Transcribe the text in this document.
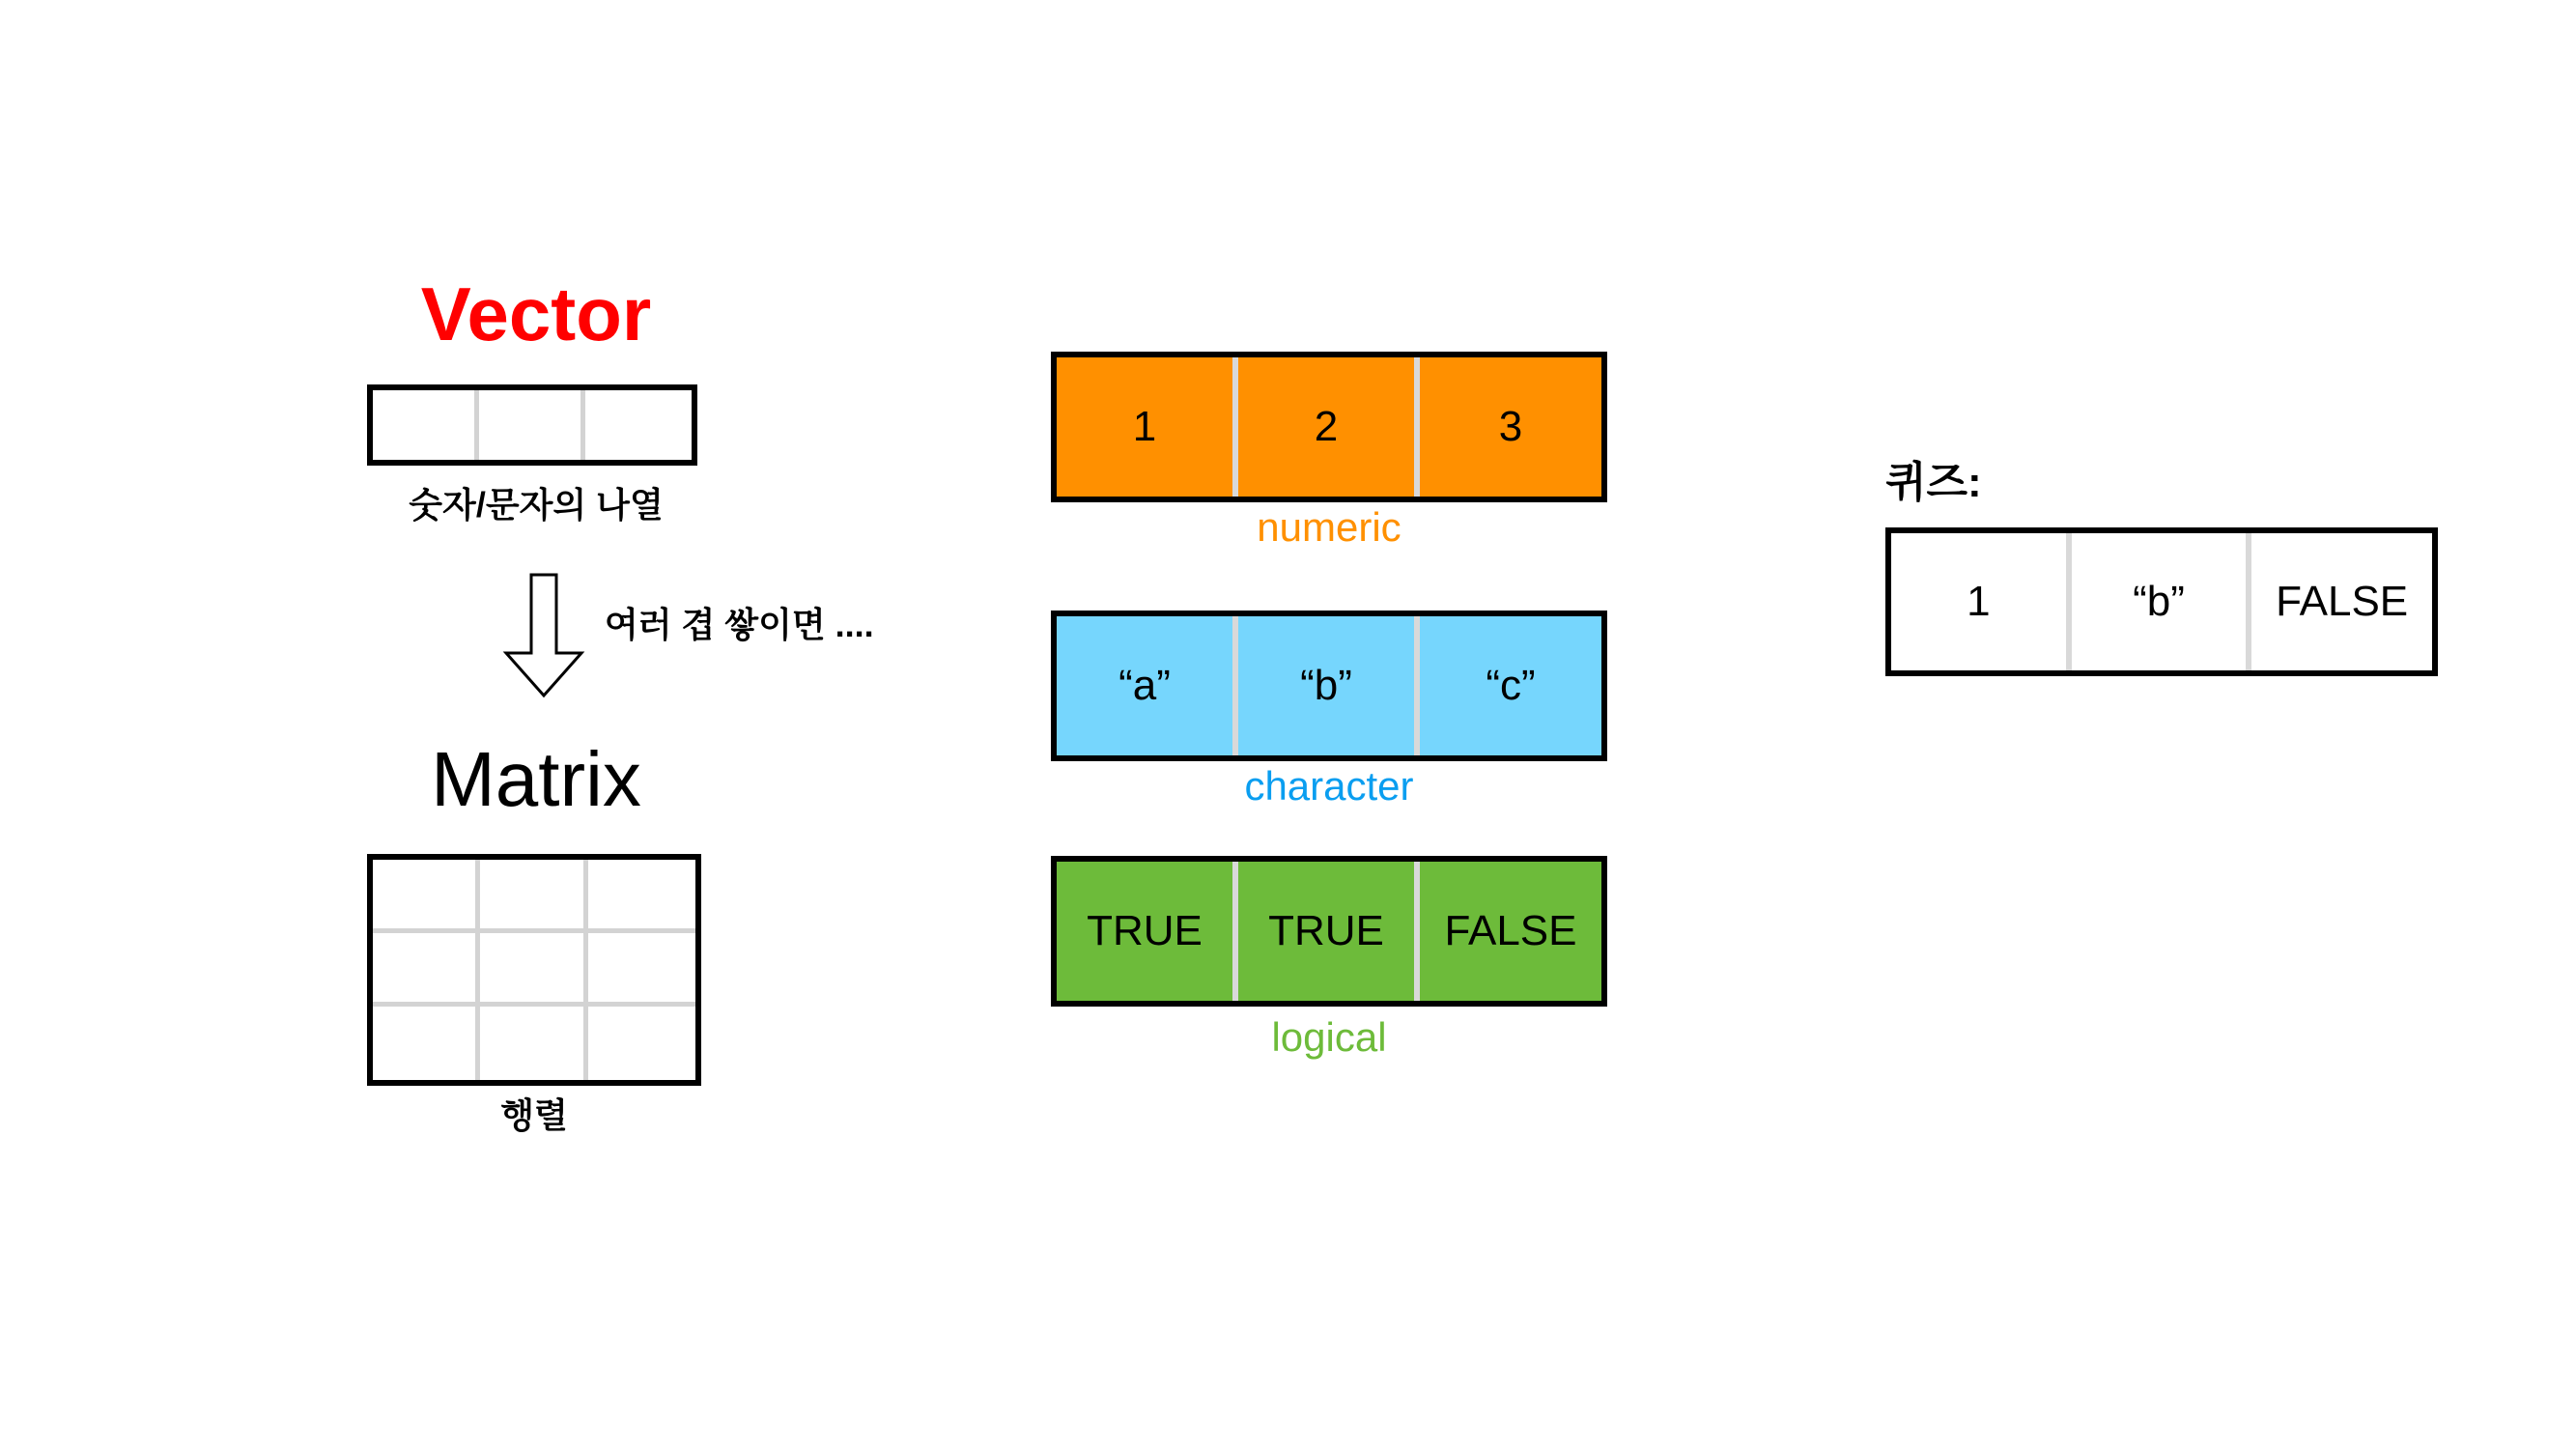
Vector
숫자/문자의 나열
여러 겹 쌓이면 ....
Matrix
행렬
1	2	3
numeric
“a”	“b”	“c”
character
TRUE	TRUE	FALSE
logical
퀴즈:
1	“b”	FALSE
